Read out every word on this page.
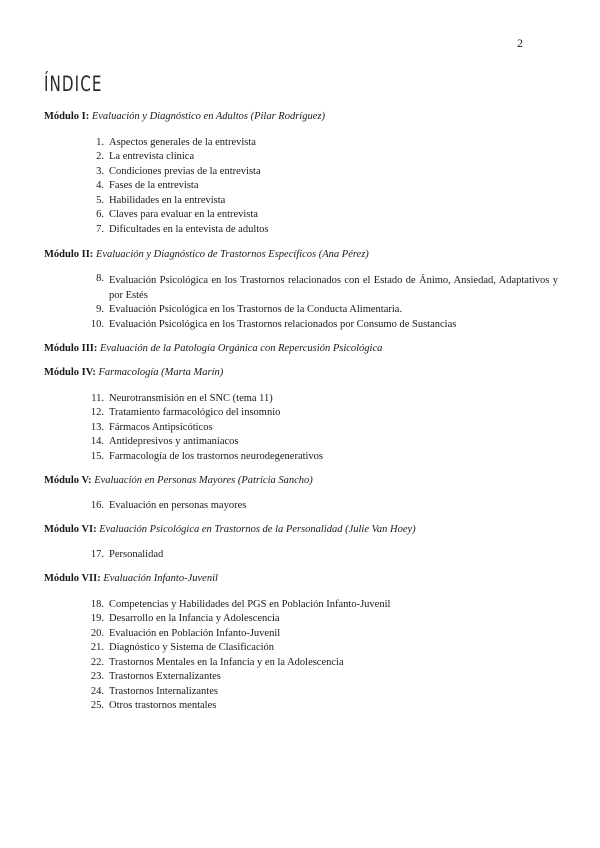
2
ÍNDICE
Módulo I: Evaluación y Diagnóstico en Adultos (Pilar Rodríguez)
1. Aspectos generales de la entrevista
2. La entrevista clínica
3. Condiciones previas de la entrevista
4. Fases de la entrevista
5. Habilidades en la entrevista
6. Claves para evaluar en la entrevista
7. Dificultades en la entevista de adultos
Módulo II: Evaluación y Diagnóstico de Trastornos Específicos (Ana Pérez)
8. Evaluación Psicológica en los Trastornos relacionados con el Estado de Ánimo, Ansiedad, Adaptativos y por Estés
9. Evaluación Psicológica en los Trastornos de la Conducta Alimentaria.
10. Evaluación Psicológica en los Trastornos relacionados por Consumo de Sustancias
Módulo III: Evaluación de la Patología Orgánica con Repercusión Psicológica
Módulo IV: Farmacología (Marta Marín)
11. Neurotransmisión en el SNC (tema 11)
12. Tratamiento farmacológico del insomnio
13. Fármacos Antipsicóticos
14. Antidepresivos y antimaníacos
15. Farmacología de los trastornos neurodegenerativos
Módulo V: Evaluación en Personas Mayores (Patricia Sancho)
16. Evaluación en personas mayores
Módulo VI: Evaluación Psicológica en Trastornos de la Personalidad (Julie Van Hoey)
17. Personalidad
Módulo VII: Evaluación Infanto-Juvenil
18. Competencias y Habilidades del PGS en Población Infanto-Juvenil
19. Desarrollo en la Infancia y Adolescencia
20. Evaluación en Población Infanto-Juvenil
21. Diagnóstico y Sistema de Clasificación
22. Trastornos Mentales en la Infancia y en la Adolescencia
23. Trastornos Externalizantes
24. Trastornos Internalizantes
25. Otros trastornos mentales
